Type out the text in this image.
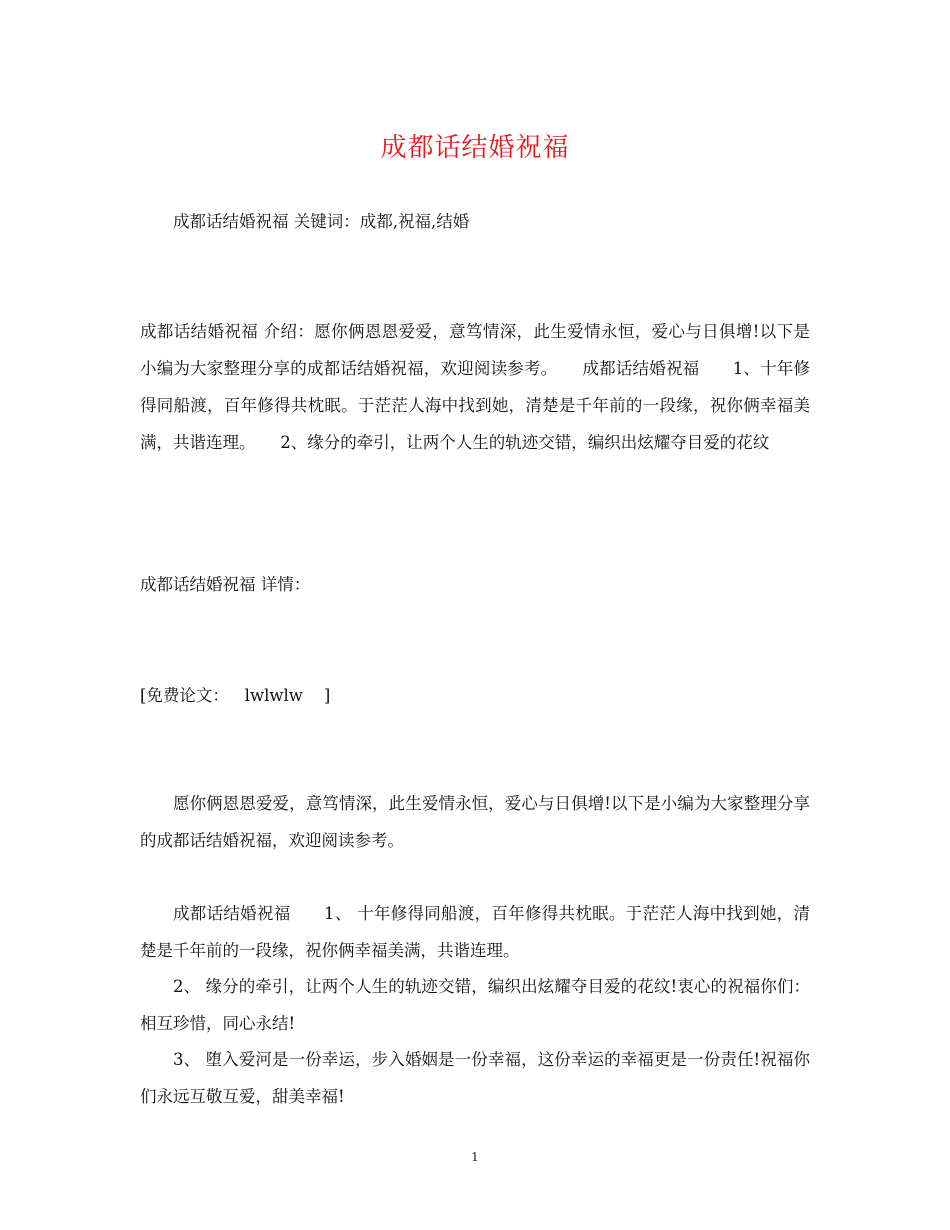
成都话结婚祝福

成都话结婚祝福 关键词：成都,祝福,结婚

成都话结婚祝福 介绍：愿你俩恩恩爱爱，意笃情深，此生爱情永恒，爱心与日俱增!以下是小编为大家整理分享的成都话结婚祝福，欢迎阅读参考。　　成都话结婚祝福　　1、十年修得同船渡，百年修得共枕眠。于茫茫人海中找到她，清楚是千年前的一段缘，祝你俩幸福美满，共谐连理。　　2、缘分的牵引，让两个人生的轨迹交错，编织出炫耀夺目爱的花纹

成都话结婚祝福 详情：

[免费论文：   lwlwlw    ]

愿你俩恩恩爱爱，意笃情深，此生爱情永恒，爱心与日俱增!以下是小编为大家整理分享的成都话结婚祝福，欢迎阅读参考。

成都话结婚祝福　　1、 十年修得同船渡，百年修得共枕眠。于茫茫人海中找到她，清楚是千年前的一段缘，祝你俩幸福美满，共谐连理。

2、 缘分的牵引，让两个人生的轨迹交错，编织出炫耀夺目爱的花纹!衷心的祝福你们：相互珍惜，同心永结!

3、 堕入爱河是一份幸运，步入婚姻是一份幸福，这份幸运的幸福更是一份责任!祝福你们永远互敬互爱，甜美幸福!

1
